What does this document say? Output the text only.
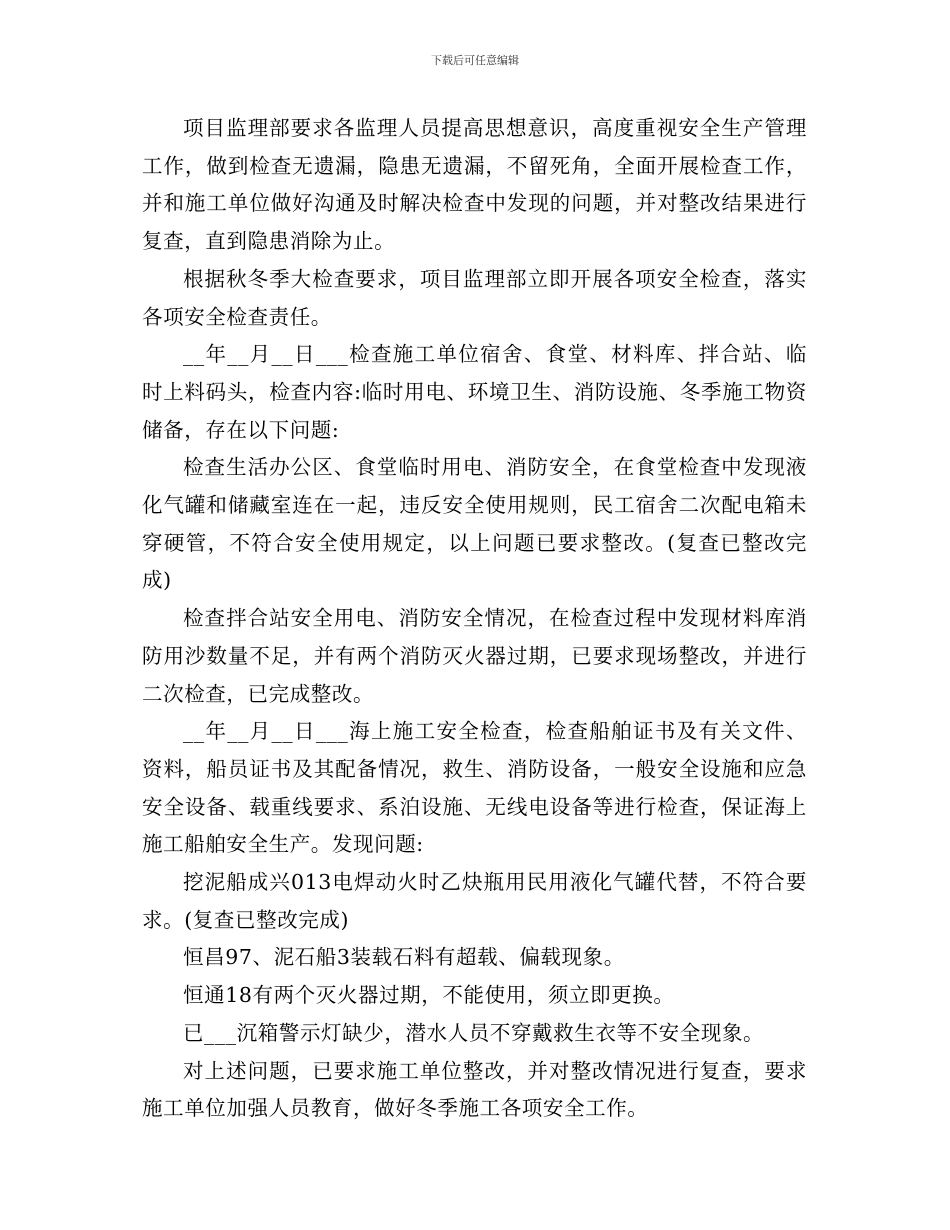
下载后可任意编辑

项目监理部要求各监理人员提高思想意识，高度重视安全生产管理工作，做到检查无遗漏，隐患无遗漏，不留死角，全面开展检查工作，并和施工单位做好沟通及时解决检查中发现的问题，并对整改结果进行复查，直到隐患消除为止。

根据秋冬季大检查要求，项目监理部立即开展各项安全检查，落实各项安全检查责任。

__年__月__日___检查施工单位宿舍、食堂、材料库、拌合站、临时上料码头，检查内容:临时用电、环境卫生、消防设施、冬季施工物资储备，存在以下问题:

检查生活办公区、食堂临时用电、消防安全，在食堂检查中发现液化气罐和储藏室连在一起，违反安全使用规则，民工宿舍二次配电箱未穿硬管，不符合安全使用规定，以上问题已要求整改。(复查已整改完成)

检查拌合站安全用电、消防安全情况，在检查过程中发现材料库消防用沙数量不足，并有两个消防灭火器过期，已要求现场整改，并进行二次检查，已完成整改。

__年__月__日___海上施工安全检查，检查船舶证书及有关文件、资料，船员证书及其配备情况，救生、消防设备，一般安全设施和应急安全设备、载重线要求、系泊设施、无线电设备等进行检查，保证海上施工船舶安全生产。发现问题:

挖泥船成兴013电焊动火时乙炔瓶用民用液化气罐代替，不符合要求。(复查已整改完成)

恒昌97、泥石船3装载石料有超载、偏载现象。

恒通18有两个灭火器过期，不能使用，须立即更换。

已___沉箱警示灯缺少，潜水人员不穿戴救生衣等不安全现象。

对上述问题，已要求施工单位整改，并对整改情况进行复查，要求施工单位加强人员教育，做好冬季施工各项安全工作。
